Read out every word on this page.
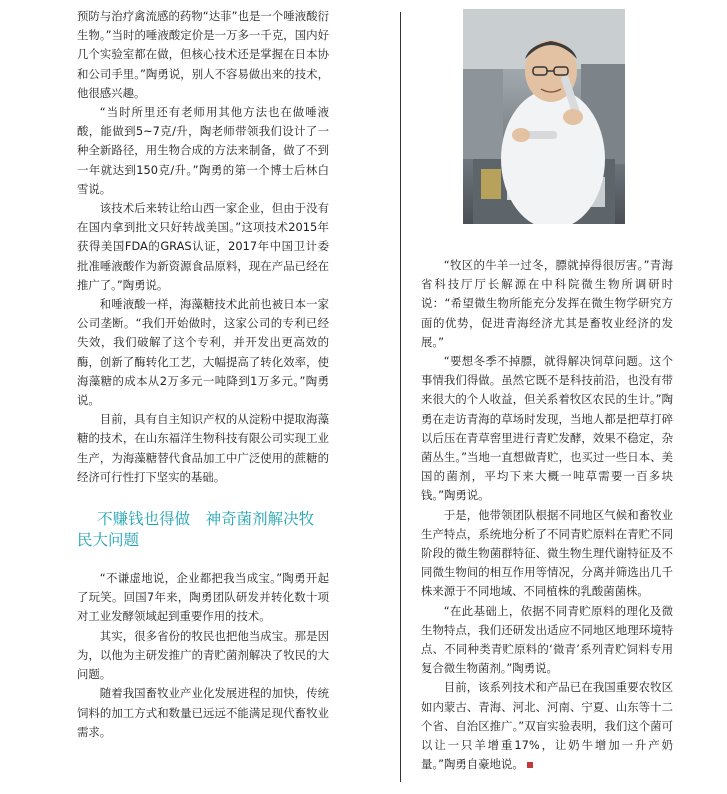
预防与治疗禽流感的药物“达菲”也是一个唾液酸衍生物。”当时的唾液酸定价是一万多一千克，国内好几个实验室都在做，但核心技术还是掌握在日本协和公司手里。”陶勇说，别人不容易做出来的技术，他很感兴趣。

“当时所里还有老师用其他方法也在做唾液酸，能做到5~7克/升，陶老师带领我们设计了一种全新路径，用生物合成的方法来制备，做了不到一年就达到150克/升。”陶勇的第一个博士后林白雪说。

该技术后来转让给山西一家企业，但由于没有在国内拿到批文只好转战美国。”这项技术2015年获得美国FDA的GRAS认证，2017年中国卫计委批准唾液酸作为新资源食品原料，现在产品已经在推广了。”陶勇说。

和唾液酸一样，海藻糖技术此前也被日本一家公司垄断。“我们开始做时，这家公司的专利已经失效，我们破解了这个专利，并开发出更高效的酶，创新了酶转化工艺，大幅提高了转化效率，使海藻糖的成本从2万多元一吨降到1万多元。”陶勇说。

目前，具有自主知识产权的从淀粉中提取海藻糖的技术，在山东福洋生物科技有限公司实现工业生产，为海藻糖替代食品加工中广泛使用的蔗糖的经济可行性打下坚实的基础。

不赚钱也得做　神奇菌剂解决牧民大问题

“不谦虚地说，企业都把我当成宝。”陶勇开起了玩笑。回国7年来，陶勇团队研发并转化数十项对工业发酵领域起到重要作用的技术。

其实，很多省份的牧民也把他当成宝。那是因为，以他为主研发推广的青贮菌剂解决了牧民的大问题。

随着我国畜牧业产业化发展进程的加快，传统饲料的加工方式和数量已远远不能满足现代畜牧业需求。

“牧区的牛羊一过冬，膘就掉得很厉害。”青海省科技厅厅长解源在中科院微生物所调研时说：“希望微生物所能充分发挥在微生物学研究方面的优势，促进青海经济尤其是畜牧业经济的发展。”

“要想冬季不掉膘，就得解决饲草问题。这个事情我们得做。虽然它既不是科技前沿，也没有带来很大的个人收益，但关系着牧区农民的生计。”陶勇在走访青海的草场时发现，当地人都是把草打碎以后压在青草窖里进行青贮发酵，效果不稳定，杂菌丛生。”当地一直想做青贮，也买过一些日本、美国的菌剂，平均下来大概一吨草需要一百多块钱。”陶勇说。

于是，他带领团队根据不同地区气候和畜牧业生产特点，系统地分析了不同青贮原料在青贮不同阶段的微生物菌群特征、微生物生理代谢特征及不同微生物间的相互作用等情况，分离并筛选出几千株来源于不同地域、不同植株的乳酸菌菌株。

“在此基础上，依据不同青贮原料的理化及微生物特点，我们还研发出适应不同地区地理环境特点、不同种类青贮原料的‘微青’系列青贮饲料专用复合微生物菌剂。”陶勇说。

目前，该系列技术和产品已在我国重要农牧区如内蒙古、青海、河北、河南、宁夏、山东等十二个省、自治区推广。”双盲实验表明，我们这个菌可以让一只羊增重17%，让奶牛增加一升产奶量。”陶勇自豪地说。
